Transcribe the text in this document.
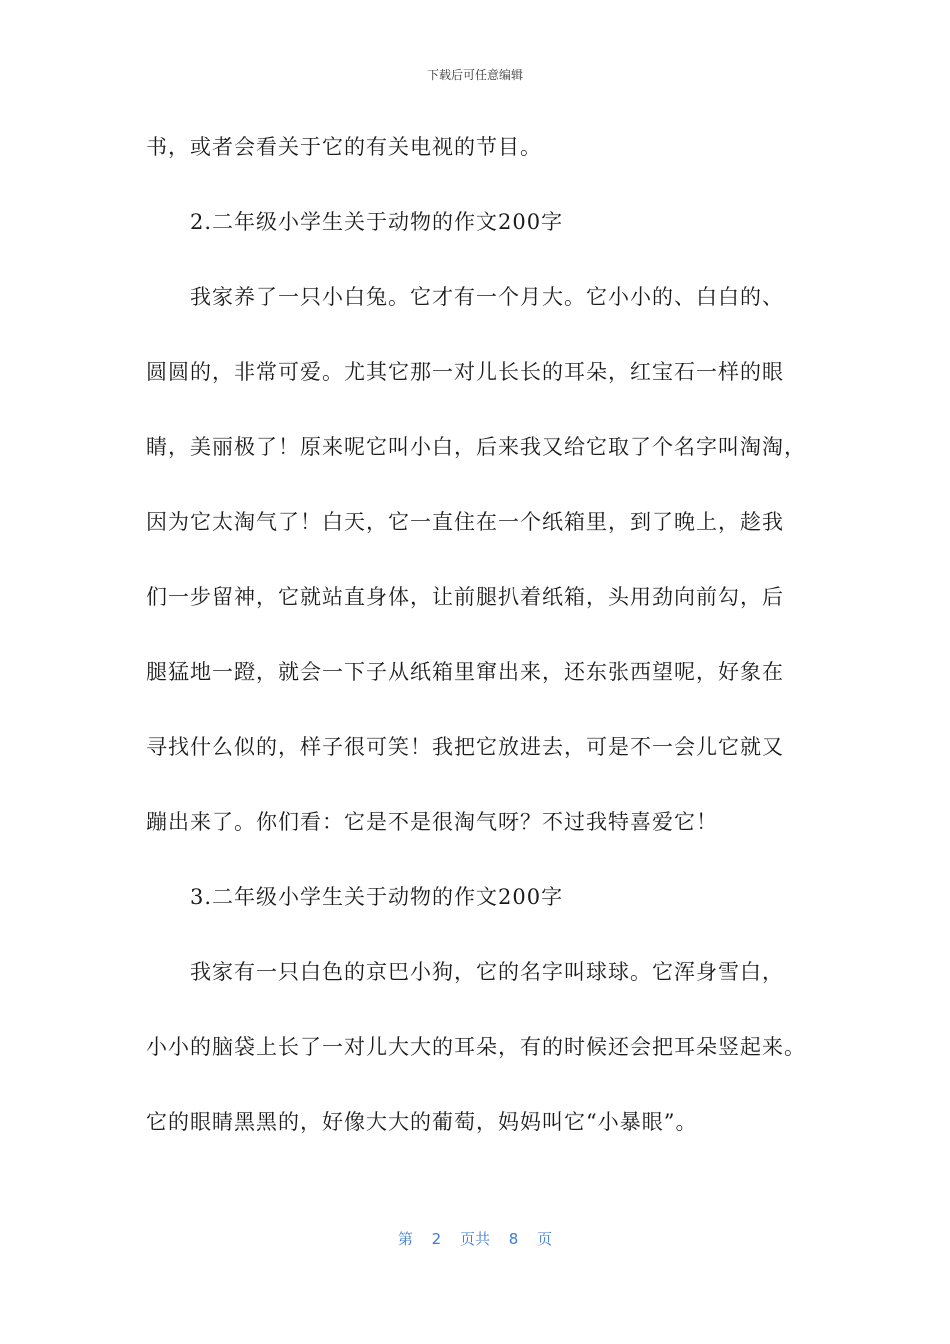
下载后可任意编辑
书，或者会看关于它的有关电视的节目。
2.二年级小学生关于动物的作文200字
我家养了一只小白兔。它才有一个月大。它小小的、白白的、
圆圆的，非常可爱。尤其它那一对儿长长的耳朵，红宝石一样的眼
睛，美丽极了！原来呢它叫小白，后来我又给它取了个名字叫淘淘，
因为它太淘气了！白天，它一直住在一个纸箱里，到了晚上，趁我
们一步留神，它就站直身体，让前腿扒着纸箱，头用劲向前勾，后
腿猛地一蹬，就会一下子从纸箱里窜出来，还东张西望呢，好象在
寻找什么似的，样子很可笑！我把它放进去，可是不一会儿它就又
蹦出来了。你们看：它是不是很淘气呀？不过我特喜爱它！
3.二年级小学生关于动物的作文200字
我家有一只白色的京巴小狗，它的名字叫球球。它浑身雪白，
小小的脑袋上长了一对儿大大的耳朵，有的时候还会把耳朵竖起来。
它的眼睛黑黑的，好像大大的葡萄，妈妈叫它“小暴眼”。
第 2 页共 8 页
